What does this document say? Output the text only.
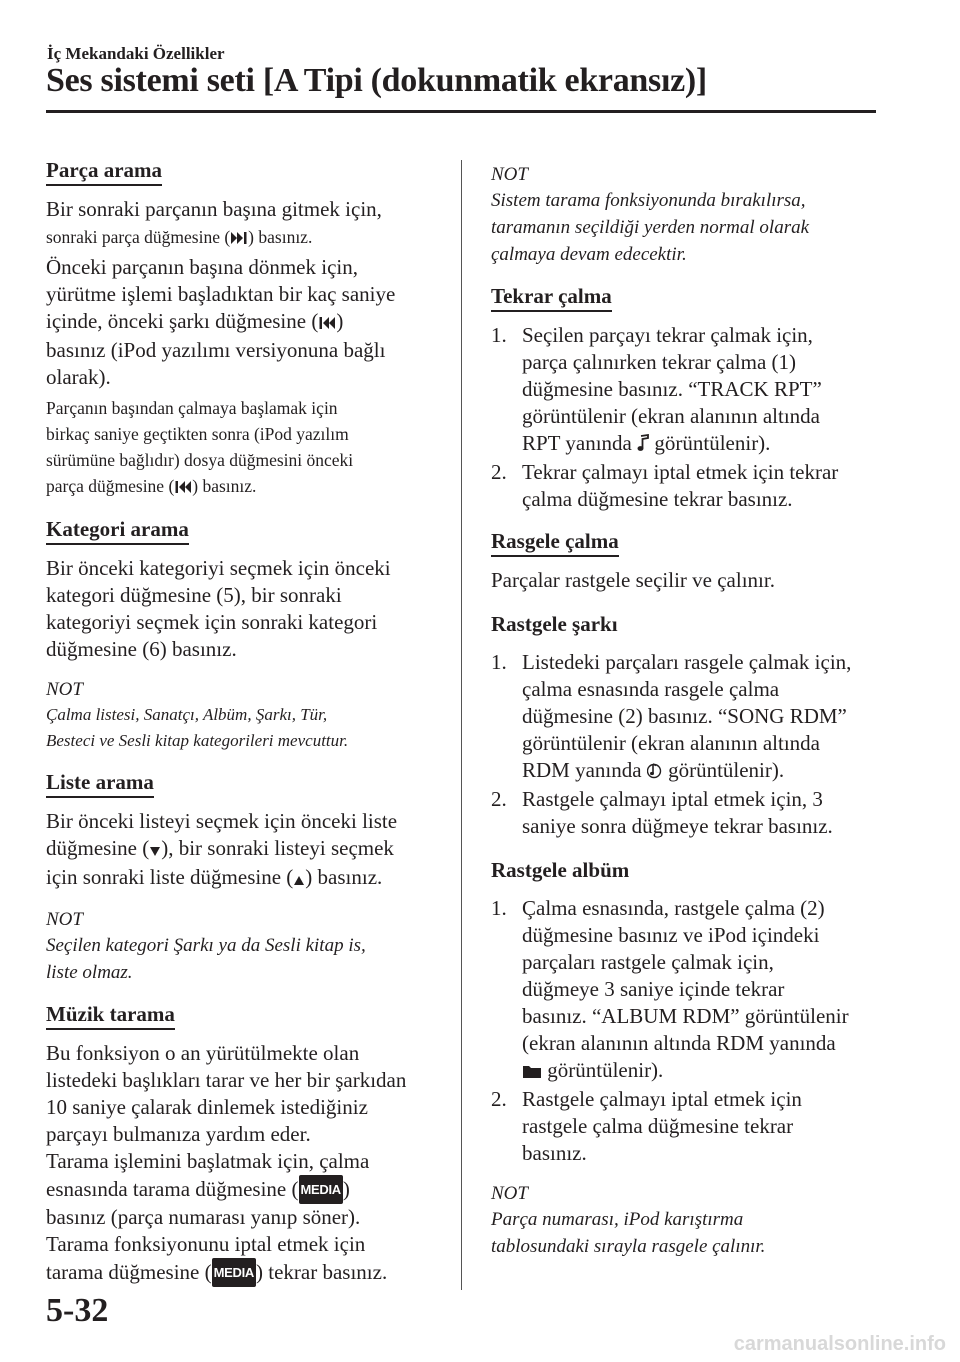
İç Mekandaki Özellikler
Ses sistemi seti [A Tipi (dokunmatik ekransız)]
Parça arama

Bir sonraki parçanın başına gitmek için,
sonraki parça düğmesine ( ) basınız.

Önceki parçanın başına dönmek için,
yürütme işlemi başladıktan bir kaç saniye
içinde, önceki şarkı düğmesine ( )
basınız (iPod yazılımı versiyonuna bağlı
olarak).

Parçanın başından çalmaya başlamak için
birkaç saniye geçtikten sonra (iPod yazılım
sürümüne bağlıdır) dosya düğmesini önceki
parça düğmesine ( ) basınız.

Kategori arama

Bir önceki kategoriyi seçmek için önceki
kategori düğmesine (5), bir sonraki
kategoriyi seçmek için sonraki kategori
düğmesine (6) basınız.

NOT
Çalma listesi, Sanatçı, Albüm, Şarkı, Tür,
Besteci ve Sesli kitap kategorileri mevcuttur.
Liste arama

Bir önceki listeyi seçmek için önceki liste
düğmesine ( ), bir sonraki listeyi seçmek
için sonraki liste düğmesine ( ) basınız.

NOT
Seçilen kategori Şarkı ya da Sesli kitap is,
liste olmaz.
Müzik tarama

Bu fonksiyon o an yürütülmekte olan
listedeki başlıkları tarar ve her bir şarkıdan
10 saniye çalarak dinlemek istediğiniz
parçayı bulmanıza yardım eder.
Tarama işlemini başlatmak için, çalma
esnasında tarama düğmesine ( MEDIA)
basınız (parça numarası yanıp söner).
Tarama fonksiyonunu iptal etmek için
tarama düğmesine ( MEDIA) tekrar basınız.

NOT
Sistem tarama fonksiyonunda bırakılırsa,
taramanın seçildiği yerden normal olarak
çalmaya devam edecektir.
Tekrar çalma
1. Seçilen parçayı tekrar çalmak için,
parça çalınırken tekrar çalma (1)
düğmesine basınız. “TRACK RPT”
görüntülenir (ekran alanının altında
RPT yanında  görüntülenir).
2. Tekrar çalmayı iptal etmek için tekrar
çalma düğmesine tekrar basınız.
Rasgele çalma

Parçalar rastgele seçilir ve çalınır.

Rastgele şarkı
1. Listedeki parçaları rasgele çalmak için,
çalma esnasında rasgele çalma
düğmesine (2) basınız. “SONG RDM”
görüntülenir (ekran alanının altında
RDM yanında  görüntülenir).
2. Rastgele çalmayı iptal etmek için, 3
saniye sonra düğmeye tekrar basınız.
Rastgele albüm
1. Çalma esnasında, rastgele çalma (2)
düğmesine basınız ve iPod içindeki
parçaları rastgele çalmak için,
düğmeye 3 saniye içinde tekrar
basınız. “ALBUM RDM” görüntülenir
(ekran alanının altında RDM yanında
görüntülenir).
2. Rastgele çalmayı iptal etmek için
rastgele çalma düğmesine tekrar
basınız.
NOT
Parça numarası, iPod karıştırma
tablosundaki sırayla rasgele çalınır.
5-32
carmanualsonline.info
